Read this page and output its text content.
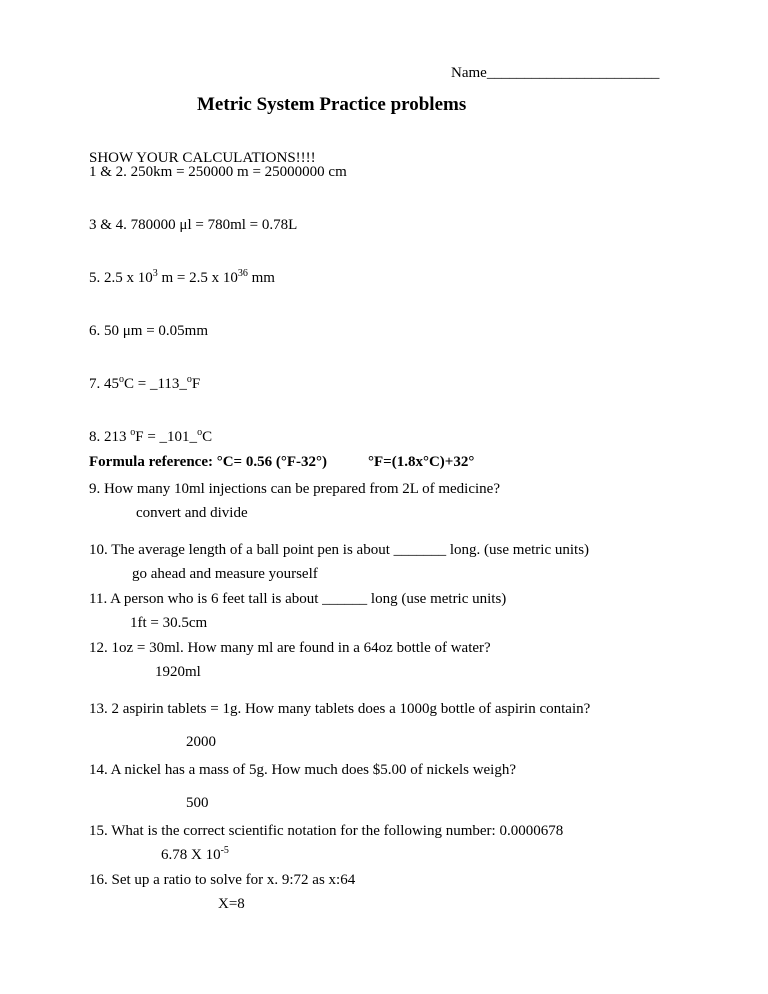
Name_______________________
Metric System Practice problems
SHOW YOUR CALCULATIONS!!!!
1 & 2. 250km = 250000 m = 25000000 cm
3 & 4. 780000 μl = 780ml = 0.78L
5. 2.5 x $10^3$ m = 2.5 x $10^{36}$ mm
6. 50 μm = 0.05mm
7. $45^oC$ = _113_$^o$F
8. 213 $^o$F = _101_$^o$C
Formula reference: °C= 0.56 (°F-32°)	°F=(1.8x°C)+32°
9. How many 10ml injections can be prepared from 2L of medicine?
convert and divide
10. The average length of a ball point pen is about _______ long. (use metric units)
go ahead and measure yourself
11. A person who is 6 feet tall is about ______ long (use metric units)
1ft = 30.5cm
12. 1oz = 30ml. How many ml are found in a 64oz bottle of water?
1920ml
13. 2 aspirin tablets = 1g. How many tablets does a 1000g bottle of aspirin contain?
2000
14. A nickel has a mass of 5g. How much does $5.00 of nickels weigh?
500
15. What is the correct scientific notation for the following number: 0.0000678
6.78 X $10^{-5}$
16. Set up a ratio to solve for x. 9:72 as x:64
X=8
